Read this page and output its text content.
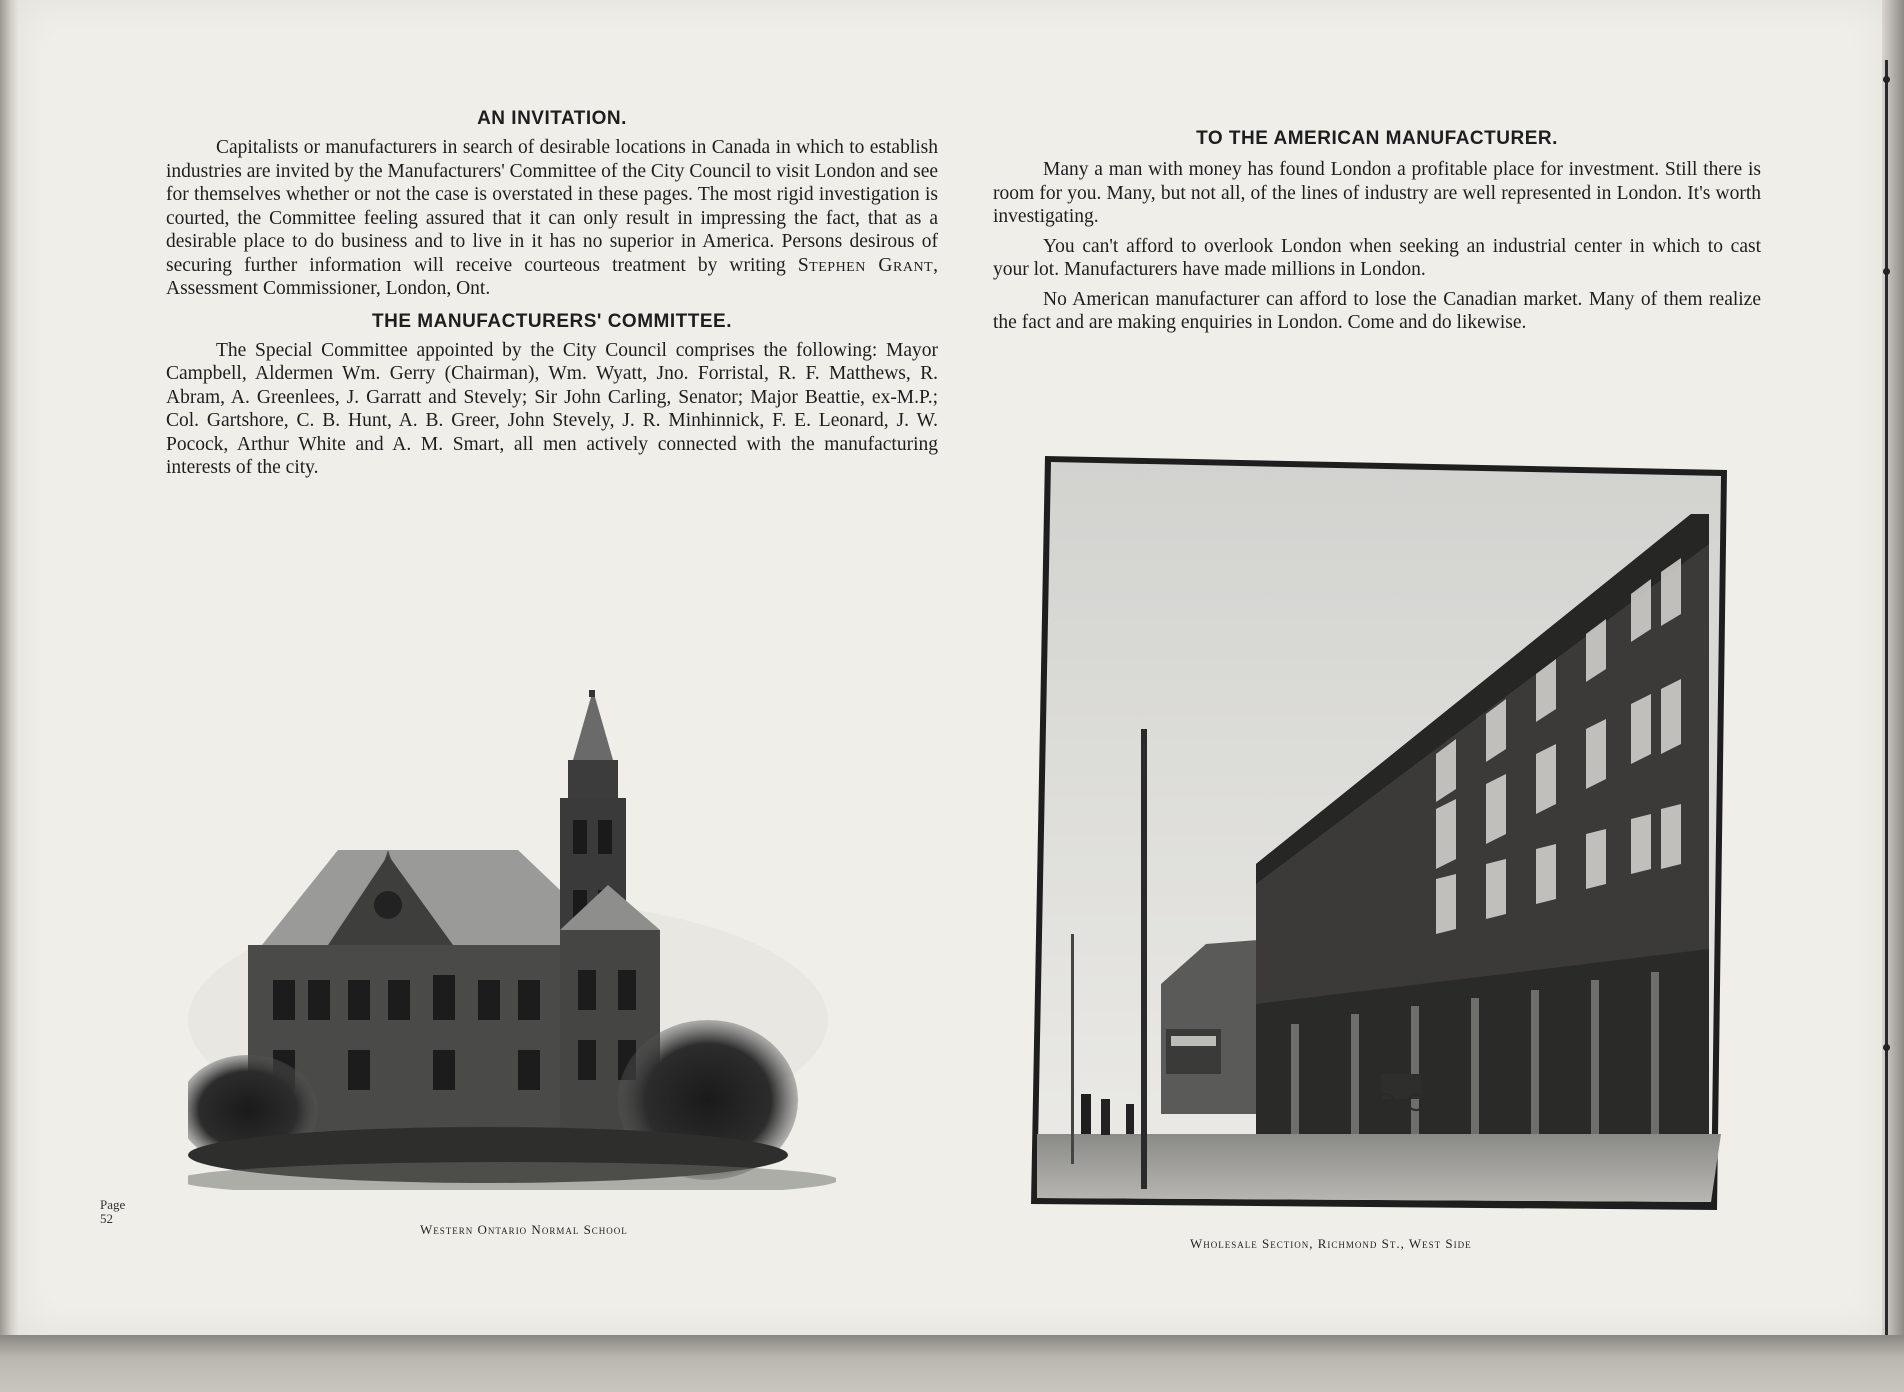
AN INVITATION.

Capitalists or manufacturers in search of desirable locations in Canada in which to establish industries are invited by the Manufacturers' Committee of the City Council to visit London and see for themselves whether or not the case is overstated in these pages. The most rigid investigation is courted, the Committee feeling assured that it can only result in impressing the fact, that as a desirable place to do business and to live in it has no superior in America. Persons desirous of securing further information will receive courteous treatment by writing Stephen Grant, Assessment Commissioner, London, Ont.

THE MANUFACTURERS' COMMITTEE.

The Special Committee appointed by the City Council comprises the following: Mayor Campbell, Aldermen Wm. Gerry (Chairman), Wm. Wyatt, Jno. Forristal, R. F. Matthews, R. Abram, A. Greenlees, J. Garratt and Stevely; Sir John Carling, Senator; Major Beattie, ex-M.P.; Col. Gartshore, C. B. Hunt, A. B. Greer, John Stevely, J. R. Minhinnick, F. E. Leonard, J. W. Pocock, Arthur White and A. M. Smart, all men actively connected with the manufacturing interests of the city.

Western Ontario Normal School
Page
52
TO THE AMERICAN MANUFACTURER.

Many a man with money has found London a profitable place for investment. Still there is room for you. Many, but not all, of the lines of industry are well represented in London. It's worth investigating.

You can't afford to overlook London when seeking an industrial center in which to cast your lot. Manufacturers have made millions in London.

No American manufacturer can afford to lose the Canadian market. Many of them realize the fact and are making enquiries in London. Come and do likewise.

Wholesale Section, Richmond St., West Side
